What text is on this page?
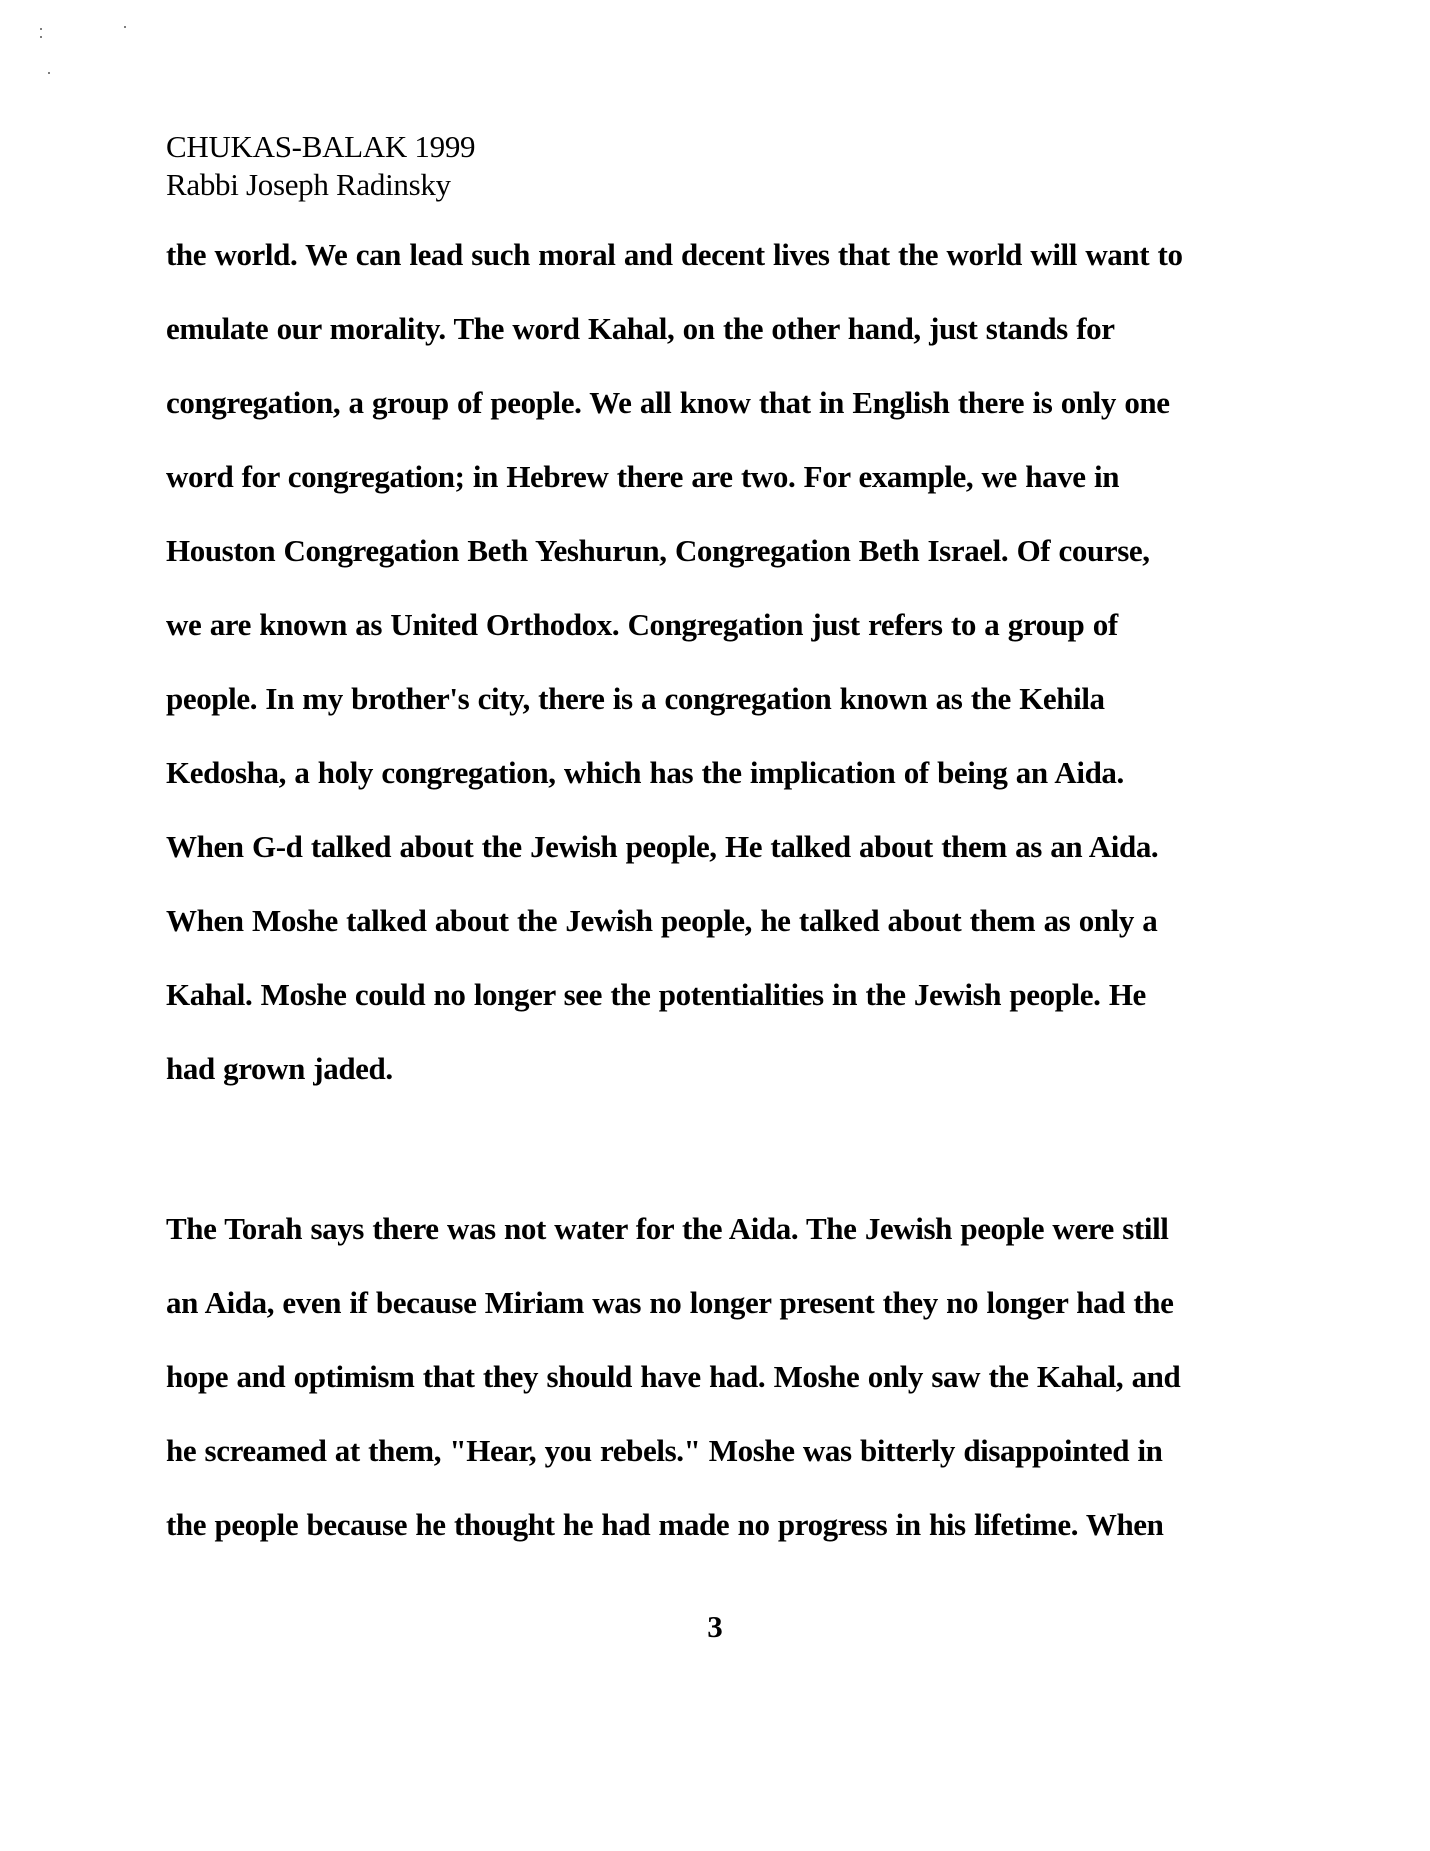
CHUKAS-BALAK 1999
Rabbi Joseph Radinsky
the world. We can lead such moral and decent lives that the world will want to
emulate our morality. The word Kahal, on the other hand, just stands for
congregation, a group of people. We all know that in English there is only one
word for congregation; in Hebrew there are two. For example, we have in
Houston Congregation Beth Yeshurun, Congregation Beth Israel. Of course,
we are known as United Orthodox. Congregation just refers to a group of
people. In my brother's city, there is a congregation known as the Kehila
Kedosha, a holy congregation, which has the implication of being an Aida.
When G-d talked about the Jewish people, He talked about them as an Aida.
When Moshe talked about the Jewish people, he talked about them as only a
Kahal. Moshe could no longer see the potentialities in the Jewish people. He
had grown jaded.
The Torah says there was not water for the Aida. The Jewish people were still
an Aida, even if because Miriam was no longer present they no longer had the
hope and optimism that they should have had. Moshe only saw the Kahal, and
he screamed at them, "Hear, you rebels." Moshe was bitterly disappointed in
the people because he thought he had made no progress in his lifetime. When
3
